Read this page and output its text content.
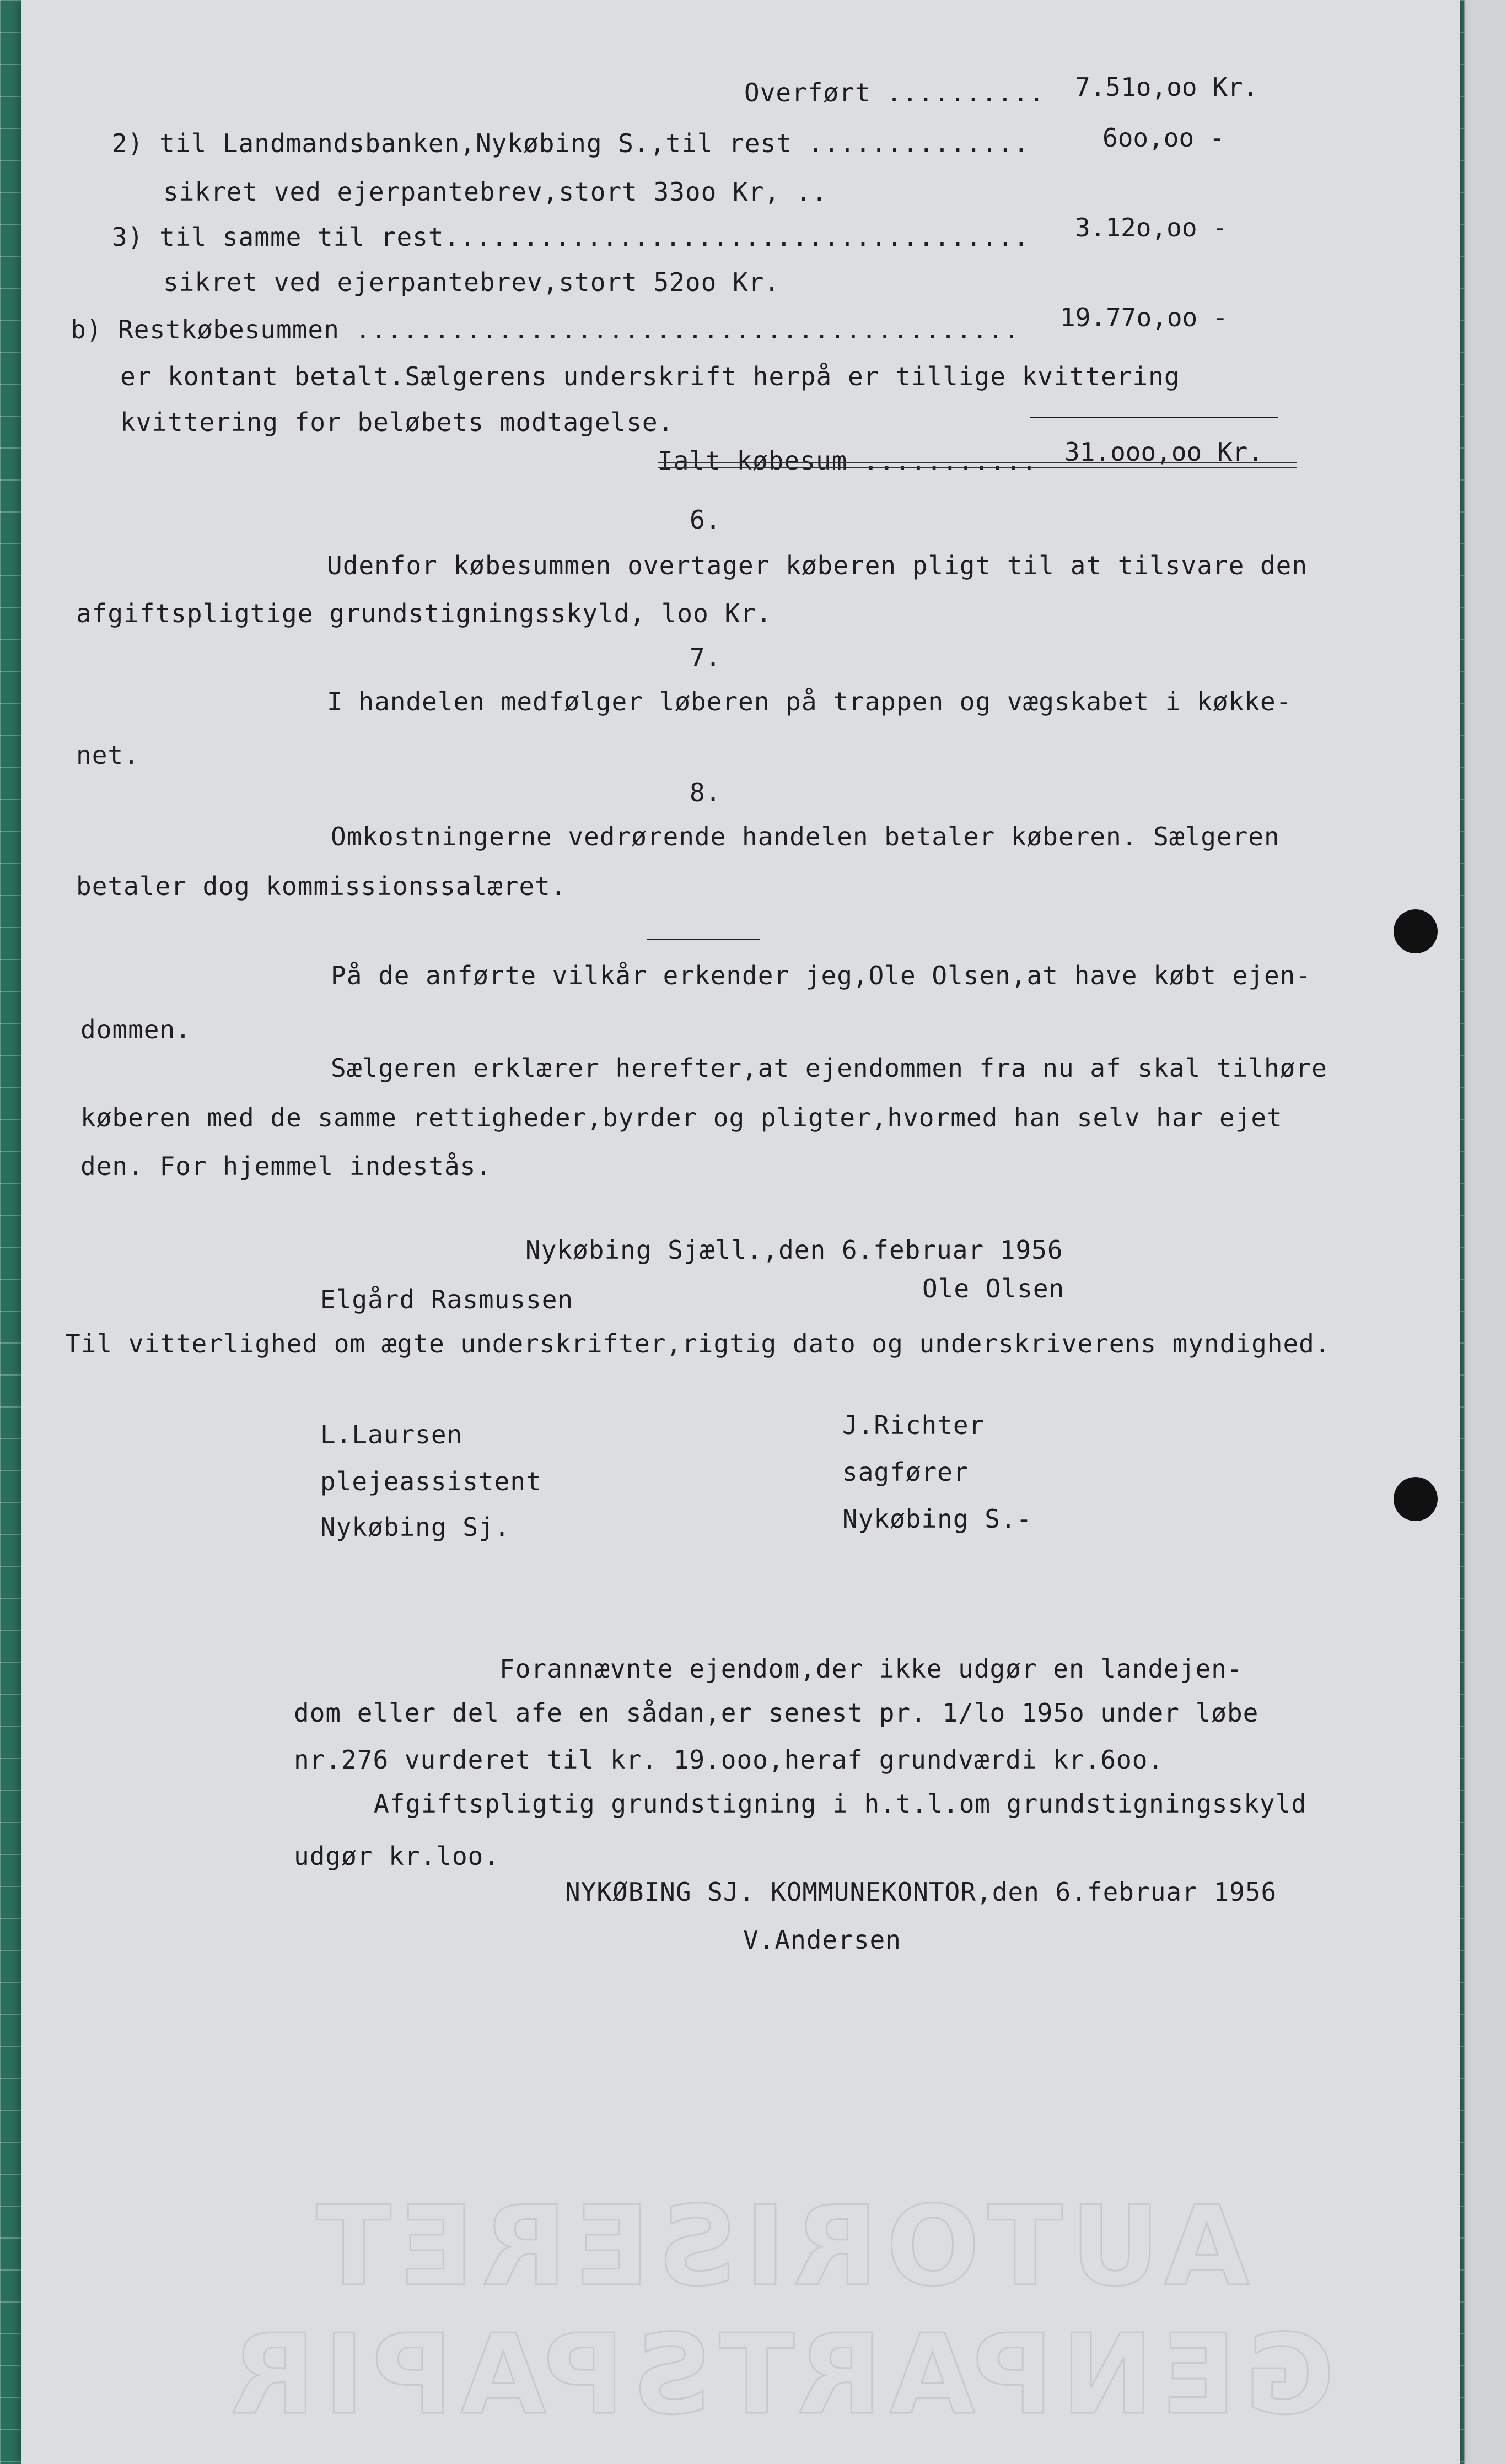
AUTORISERET GENPARTSPAPIR
Overført .......... 7.51o,oo Kr.
2) til Landmandsbanken,Nykøbing S.,til rest ..............	6oo,oo -
sikret ved ejerpantebrev,stort 33oo Kr, ..
3) til samme til rest..................................... 3.12o,oo -
sikret ved ejerpantebrev,stort 52oo Kr.
b) Restkøbesummen .......................................... 19.77o,oo -
er kontant betalt.Sælgerens underskrift herpå er tillige kvittering
kvittering for beløbets modtagelse.
Ialt købesum ........... 31.ooo,oo Kr.
6.
Udenfor købesummen overtager køberen pligt til at tilsvare den
afgiftspligtige grundstigningsskyld, loo Kr.
7.
I handelen medfølger løberen på trappen og vægskabet i køkke-
net.
8.
Omkostningerne vedrørende handelen betaler køberen. Sælgeren
betaler dog kommissionssalæret.
På de anførte vilkår erkender jeg,Ole Olsen,at have købt ejen-
dommen.
Sælgeren erklærer herefter,at ejendommen fra nu af skal tilhøre
køberen med de samme rettigheder,byrder og pligter,hvormed han selv har ejet
den. For hjemmel indestås.
Nykøbing Sjæll.,den 6.februar 1956
Elgård Rasmussen	Ole Olsen
Til vitterlighed om ægte underskrifter,rigtig dato og underskriverens myndighed.
L.Laursen
plejeassistent
Nykøbing Sj.
J.Richter
sagfører
Nykøbing S.-
Forannævnte ejendom,der ikke udgør en landejen-
dom eller del afe en sådan,er senest pr. 1/lo 195o under løbe
nr.276 vurderet til kr. 19.ooo,heraf grundværdi kr.6oo.
Afgiftspligtig grundstigning i h.t.l.om grundstigningsskyld
udgør kr.loo.
NYKØBING SJ. KOMMUNEKONTOR,den 6.februar 1956
V.Andersen
